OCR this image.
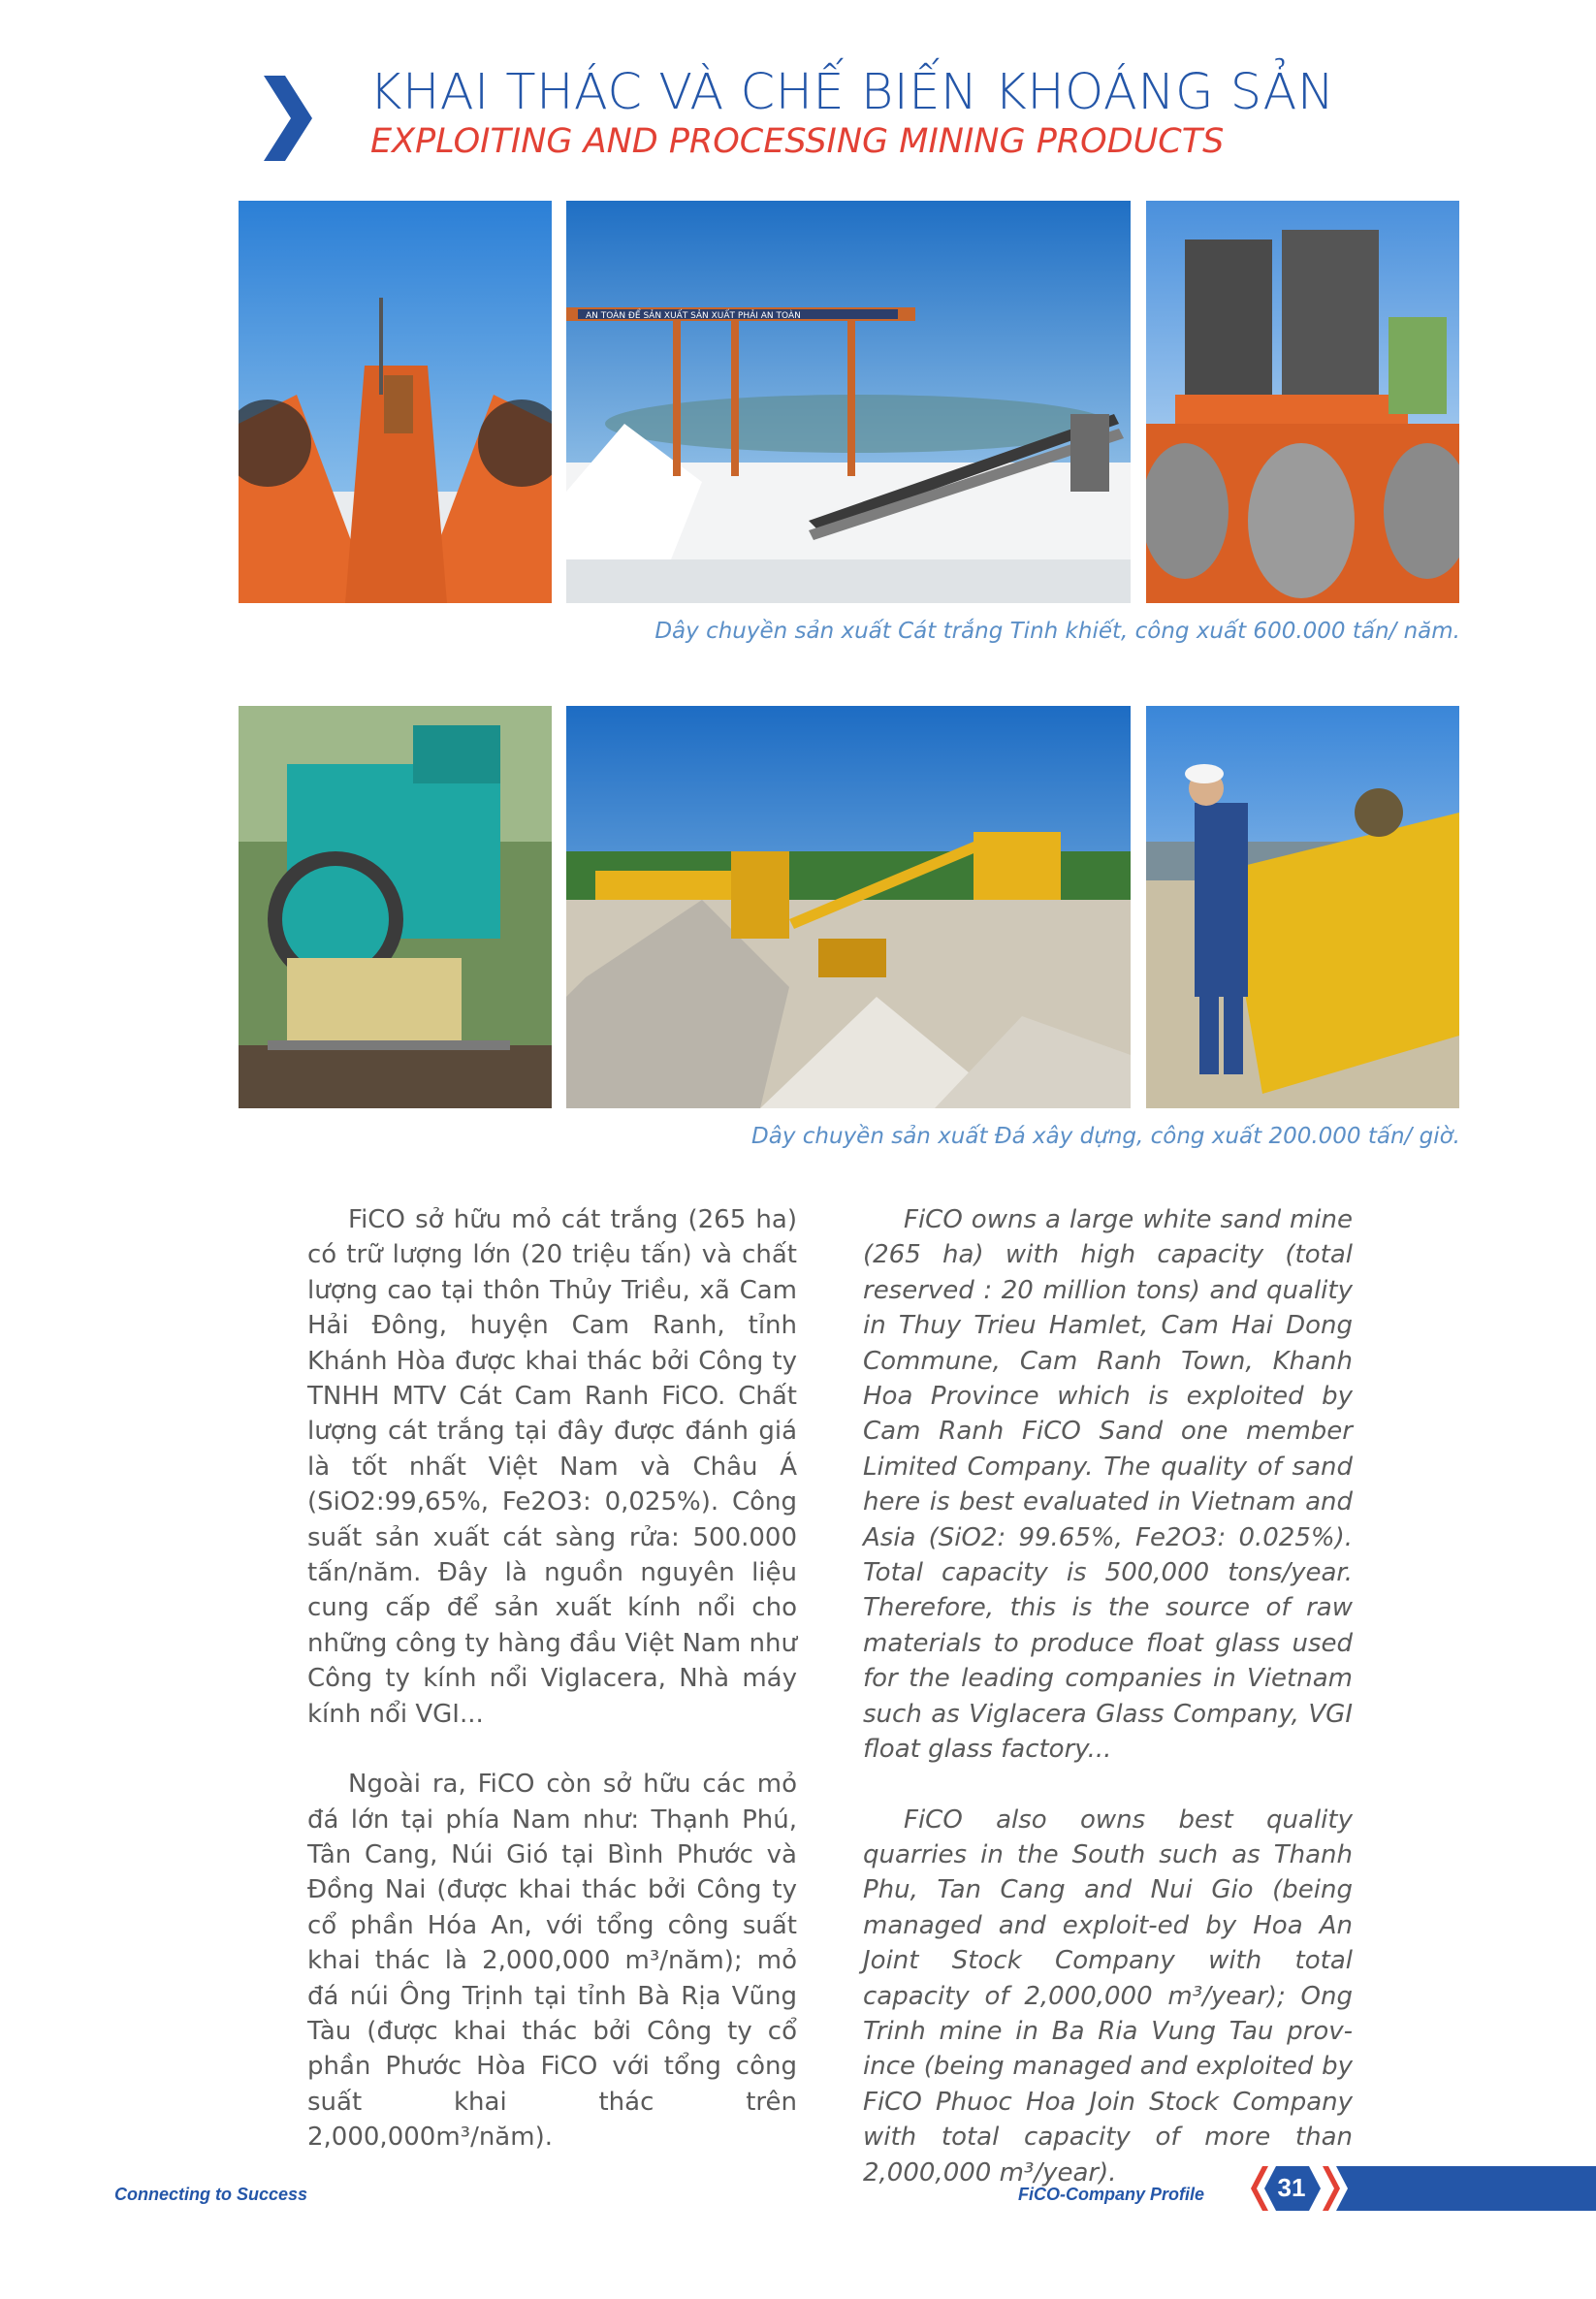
KHAI THÁC VÀ CHẾ BIẾN KHOÁNG SẢN
EXPLOITING AND PROCESSING MINING PRODUCTS
AN TOÀN ĐỂ SẢN XUẤT SẢN XUẤT PHẢI AN TOÀN
Dây chuyền sản xuất Cát trắng Tinh khiết, công xuất 600.000 tấn/ năm.
Dây chuyền sản xuất Đá xây dựng, công xuất 200.000 tấn/ giờ.

FiCO sở hữu mỏ cát trắng (265 ha) có trữ lượng lớn (20 triệu tấn) và chất lượng cao tại thôn Thủy Triều, xã Cam Hải Đông, huyện Cam Ranh, tỉnh Khánh Hòa được khai thác bởi Công ty TNHH MTV Cát Cam Ranh FiCO. Chất lượng cát trắng tại đây được đánh giá là tốt nhất Việt Nam và Châu Á (SiO2:99,65%, Fe2O3: 0,025%). Công suất sản xuất cát sàng rửa: 500.000 tấn/năm. Đây là nguồn nguyên liệu cung cấp để sản xuất kính nổi cho những công ty hàng đầu Việt Nam như Công ty kính nổi Viglacera, Nhà máy kính nổi VGI...

Ngoài ra, FiCO còn sở hữu các mỏ đá lớn tại phía Nam như: Thạnh Phú, Tân Cang, Núi Gió tại Bình Phước và Đồng Nai (được khai thác bởi Công ty cổ phần Hóa An, với tổng công suất khai thác là 2,000,000 m³/năm); mỏ đá núi Ông Trịnh tại tỉnh Bà Rịa Vũng Tàu (được khai thác bởi Công ty cổ phần Phước Hòa FiCO với tổng công suất khai thác trên 2,000,000m³/năm).

FiCO owns a large white sand mine (265 ha) with high capacity (total reserved : 20 million tons) and quality in Thuy Trieu Hamlet, Cam Hai Dong Commune, Cam Ranh Town, Khanh Hoa Province which is exploited by Cam Ranh FiCO Sand one member Limited Company. The quality of sand here is best evaluated in Vietnam and Asia (SiO2: 99.65%, Fe2O3: 0.025%). Total capacity is 500,000 tons/year. Therefore, this is the source of raw materials to produce float glass used for the leading companies in Vietnam such as Viglacera Glass Company, VGI float glass factory...

FiCO also owns best quality quarries in the South such as Thanh Phu, Tan Cang and Nui Gio (being managed and exploit-ed by Hoa An Joint Stock Company with total capacity of 2,000,000 m³/year); Ong Trinh mine in Ba Ria Vung Tau prov-ince (being managed and exploited by FiCO Phuoc Hoa Join Stock Company with total capacity of more than 2,000,000 m³/year).

Connecting to Success	FiCO-Company Profile	31
